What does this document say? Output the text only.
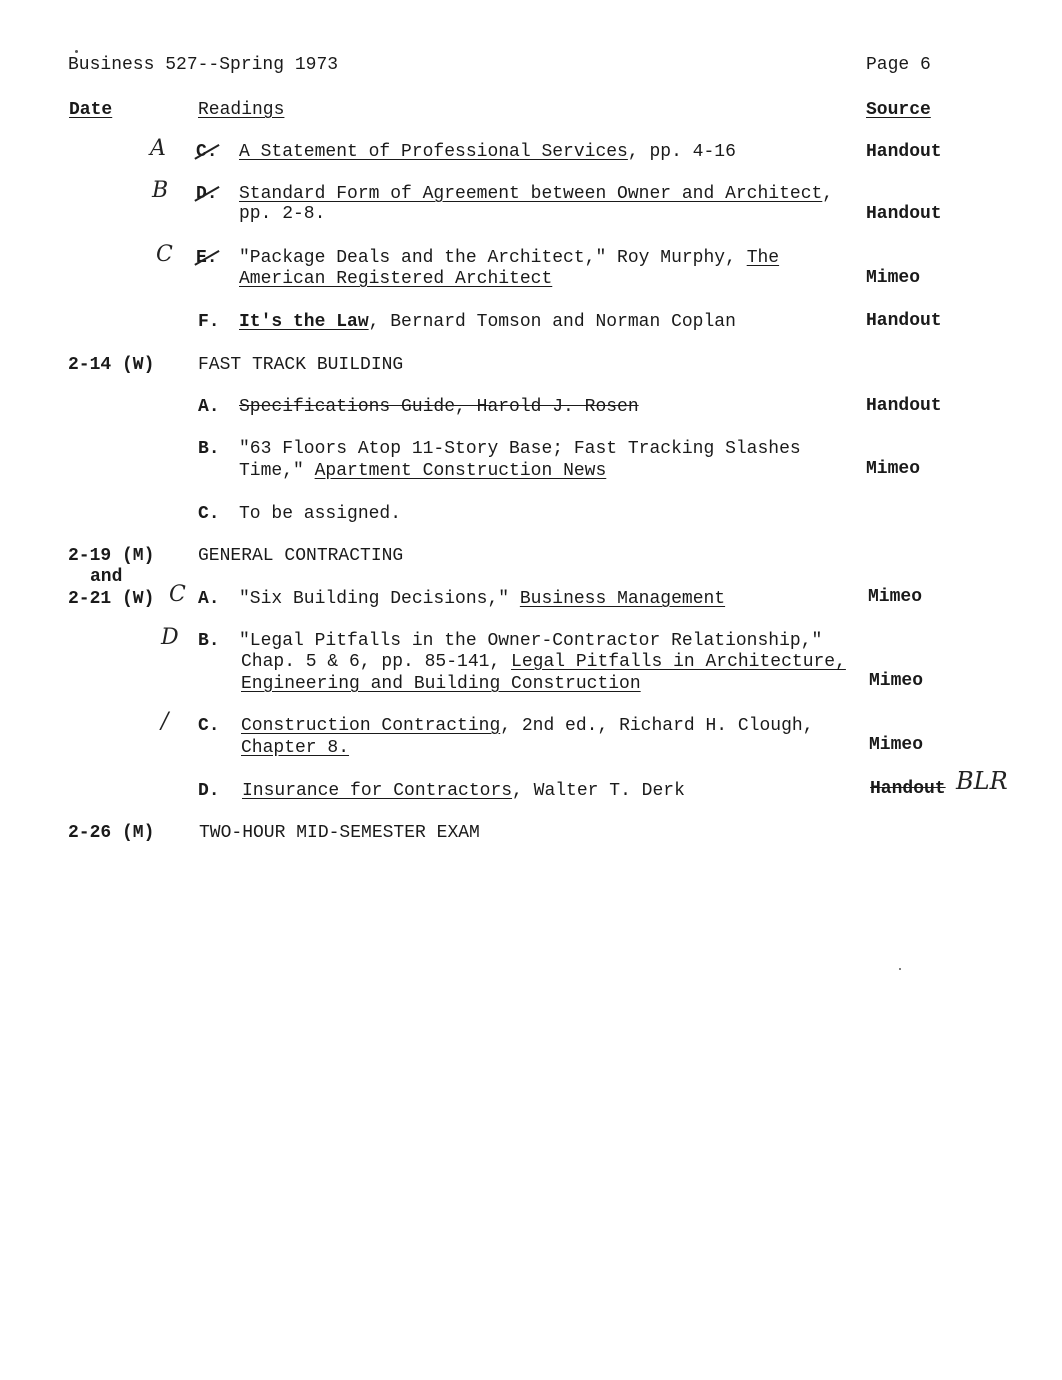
Business 527--Spring 1973	Page 6
Date	Readings	Source
A C. A Statement of Professional Services, pp. 4-16	Handout
B D. Standard Form of Agreement between Owner and Architect,
pp. 2-8.	Handout
C E. "Package Deals and the Architect," Roy Murphy, The
American Registered Architect	Mimeo
F. It's the Law, Bernard Tomson and Norman Coplan	Handout
2-14 (W) FAST TRACK BUILDING
A. Specifications Guide, Harold J. Rosen	Handout
B. "63 Floors Atop 11-Story Base; Fast Tracking Slashes
Time," Apartment Construction News	Mimeo
C. To be assigned.
2-19 (M)
and
2-21 (W)
GENERAL CONTRACTING
C A. "Six Building Decisions," Business Management	Mimeo
D B. "Legal Pitfalls in the Owner-Contractor Relationship,"
Chap. 5 & 6, pp. 85-141, Legal Pitfalls in Architecture,
Engineering and Building Construction	Mimeo
/ C. Construction Contracting, 2nd ed., Richard H. Clough,
Chapter 8.	Mimeo
D. Insurance for Contractors, Walter T. Derk	Handout BLR
2-26 (M) TWO-HOUR MID-SEMESTER EXAM
